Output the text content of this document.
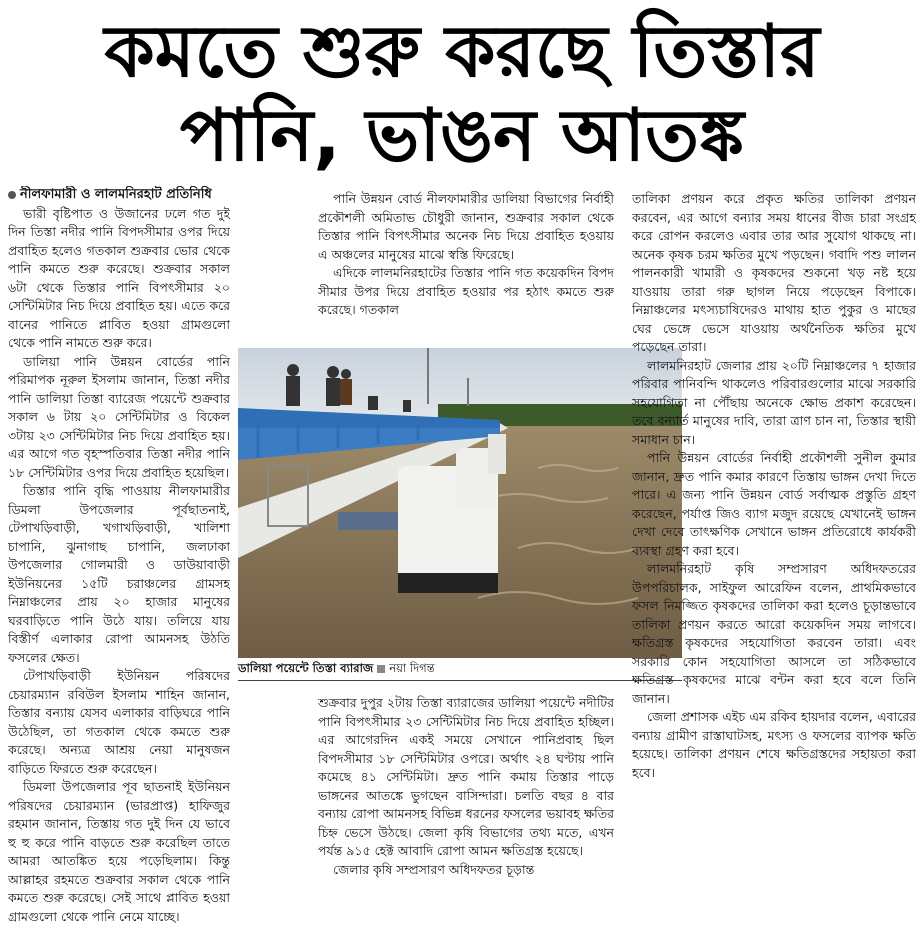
কমতে শুরু করছে তিস্তার
পানি, ভাঙন আতঙ্ক

নীলফামারী ও লালমনিরহাট প্রতিনিধি

ভারী বৃষ্টিপাত ও উজানের ঢলে গত দুই দিন তিস্তা নদীর পানি বিপদসীমার ওপর দিয়ে প্রবাহিত হলেও গতকাল শুক্রবার ভোর থেকে পানি কমতে শুরু করেছে। শুক্রবার সকাল ৬টা থেকে তিস্তার পানি বিপৎসীমার ২০ সেন্টিমিটার নিচ দিয়ে প্রবাহিত হয়। এতে করে বানের পানিতে প্লাবিত হওয়া গ্রামগুলো থেকে পানি নামতে শুরু করে।

ডালিয়া পানি উন্নয়ন বোর্ডের পানি পরিমাপক নূরুল ইসলাম জানান, তিস্তা নদীর পানি ডালিয়া তিস্তা ব্যারেজ পয়েন্টে শুক্রবার সকাল ৬ টায় ২০ সেন্টিমিটার ও বিকেল ৩টায় ২৩ সেন্টিমিটার নিচ দিয়ে প্রবাহিত হয়। এর আগে গত বৃহস্পতিবার তিস্তা নদীর পানি ১৮ সেন্টিমিটার ওপর দিয়ে প্রবাহিত হয়েছিল।

তিস্তার পানি বৃদ্ধি পাওয়ায় নীলফামারীর ডিমলা উপজেলার পূর্বছাতনাই, টেপাখড়িবাড়ী, খগাখড়িবাড়ী, খালিশা চাপানি, ঝুনাগাছ চাপানি, জলঢাকা উপজেলার গোলমারী ও ডাউয়াবাড়ী ইউনিয়নের ১৫টি চরাঞ্চলের গ্রামসহ নিম্নাঞ্চলের প্রায় ২০ হাজার মানুষের ঘরবাড়িতে পানি উঠে যায়। তলিয়ে যায় বিস্তীর্ণ এলাকার রোপা আমনসহ উঠতি ফসলের ক্ষেত।

টেপাখড়িবাড়ী ইউনিয়ন পরিষদের চেয়ারম্যান রবিউল ইসলাম শাহিন জানান, তিস্তার বন্যায় যেসব এলাকার বাড়িঘরে পানি উঠেছিল, তা গতকাল থেকে কমতে শুরু করেছে। অন্যত্র আশ্রয় নেয়া মানুষজন বাড়িতে ফিরতে শুরু করেছেন।

ডিমলা উপজেলার পূব ছাতনাই ইউনিয়ন পরিষদের চেয়ারম্যান (ভারপ্রাপ্ত) হাফিজুর রহমান জানান, তিস্তায় গত দুই দিন যে ভাবে হু হু করে পানি বাড়তে শুরু করেছিল তাতে আমরা আতঙ্কিত হয়ে পড়েছিলাম। কিন্তু আল্লাহর রহমতে শুক্রবার সকাল থেকে পানি কমতে শুরু করেছে। সেই সাথে প্লাবিত হওয়া গ্রামগুলো থেকে পানি নেমে যাচ্ছে।

পানি উন্নয়ন বোর্ড নীলফামারীর ডালিয়া বিভাগের নির্বাহী প্রকৌশলী অমিতাভ চৌধুরী জানান, শুক্রবার সকাল থেকে তিস্তার পানি বিপৎসীমার অনেক নিচ দিয়ে প্রবাহিত হওয়ায় এ অঞ্চলের মানুষের মাঝে স্বস্তি ফিরেছে।

এদিকে লালমনিরহাটের তিস্তার পানি গত কয়েকদিন বিপদ সীমার উপর দিয়ে প্রবাহিত হওয়ার পর হঠাৎ কমতে শুরু করেছে। গতকাল

ডালিয়া পয়েন্টে তিস্তা ব্যারাজ নয়া দিগন্ত

শুক্রবার দুপুর ২টায় তিস্তা ব্যারাজের ডালিয়া পয়েন্টে নদীটির পানি বিপৎসীমার ২৩ সেন্টিমিটার নিচ দিয়ে প্রবাহিত হচ্ছিল। এর আগেরদিন একই সময়ে সেখানে পানিপ্রবাহ ছিল বিপদসীমার ১৮ সেন্টিমিটার ওপরে। অর্থাৎ ২৪ ঘণ্টায় পানি কমেছে ৪১ সেন্টিমিটা। দ্রুত পানি কমায় তিস্তার পাড়ে ভাঙ্গনের আতঙ্কে ভুগছেন বাসিন্দারা। চলতি বছর ৪ বার বন্যায় রোপা আমনসহ বিভিন্ন ধরনের ফসলের ভয়াবহ ক্ষতির চিহ্ন ভেসে উঠছে। জেলা কৃষি বিভাগের তথ্য মতে, এখন পর্যন্ত ৯১৫ হেক্ট আবাদি রোপা আমন ক্ষতিগ্রস্ত হয়েছে।

জেলার কৃষি সম্প্রসারণ অধিদফতর চূড়ান্ত

তালিকা প্রণয়ন করে প্রকৃত ক্ষতির তালিকা প্রণয়ন করবেন, এর আগে বন্যার সময় ধানের বীজ চারা সংগ্রহ করে রোপন করলেও এবার তার আর সুযোগ থাকছে না। অনেক কৃষক চরম ক্ষতির মুখে পড়ছেন। গবাদি পশু লালন পালনকারী খামারী ও কৃষকদের শুকনো খড় নষ্ট হয়ে যাওয়ায় তারা গরু ছাগল নিয়ে পড়েছেন বিপাকে। নিম্নাঞ্চলের মৎস্যচাষিদেরও মাথায় হাত পুকুর ও মাছের ঘের ভেঙ্গে ভেসে যাওয়ায় অর্থনৈতিক ক্ষতির মুখে পড়েছেন তারা।

লালমনিরহাট জেলার প্রায় ২০টি নিম্নাঞ্চলের ৭ হাজার পরিবার পানিবন্দি থাকলেও পরিবারগুলোর মাঝে সরকারি সহযোগিতা না পৌঁছায় অনেকে ক্ষোভ প্রকাশ করেছেন। তবে বন্যার্ত মানুষের দাবি, তারা ত্রাণ চান না, তিস্তার স্থায়ী সমাধান চান।

পানি উন্নয়ন বোর্ডের নির্বাহী প্রকৌশলী সুনীল কুমার জানান, দ্রুত পানি কমার কারণে তিস্তায় ভাঙ্গন দেখা দিতে পারে। এ জন্য পানি উন্নয়ন বোর্ড সর্বাত্মক প্রস্তুতি গ্রহণ করেছেন, পর্যাপ্ত জিও ব্যাগ মজুদ রয়েছে যেখানেই ভাঙ্গন দেখা দেবে তাৎক্ষণিক সেখানে ভাঙ্গন প্রতিরোধে কার্যকরী ব্যবস্থা গ্রহণ করা হবে।

লালমনিরহাট কৃষি সম্প্রসারণ অধিদফতরের উপপরিচালক, সাইফুল আরেফিন বলেন, প্রাথমিকভাবে ফসল নিমজ্জিত কৃষকদের তালিকা করা হলেও চূড়ান্তভাবে তালিকা প্রণয়ন করতে আরো কয়েকদিন সময় লাগবে। ক্ষতিগ্রস্ত কৃষকদের সহযোগিতা করবেন তারা। এবং সরকারি কোন সহযোগিতা আসলে তা সঠিকভাবে ক্ষতিগ্রস্ত কৃষকদের মাঝে বন্টন করা হবে বলে তিনি জানান।

জেলা প্রশাসক এইচ এম রকিব হায়দার বলেন, এবারের বন্যায় গ্রামীণ রাস্তাঘাটসহ, মৎস্য ও ফসলের ব্যাপক ক্ষতি হয়েছে। তালিকা প্রণয়ন শেষে ক্ষতিগ্রস্তদের সহায়তা করা হবে।
